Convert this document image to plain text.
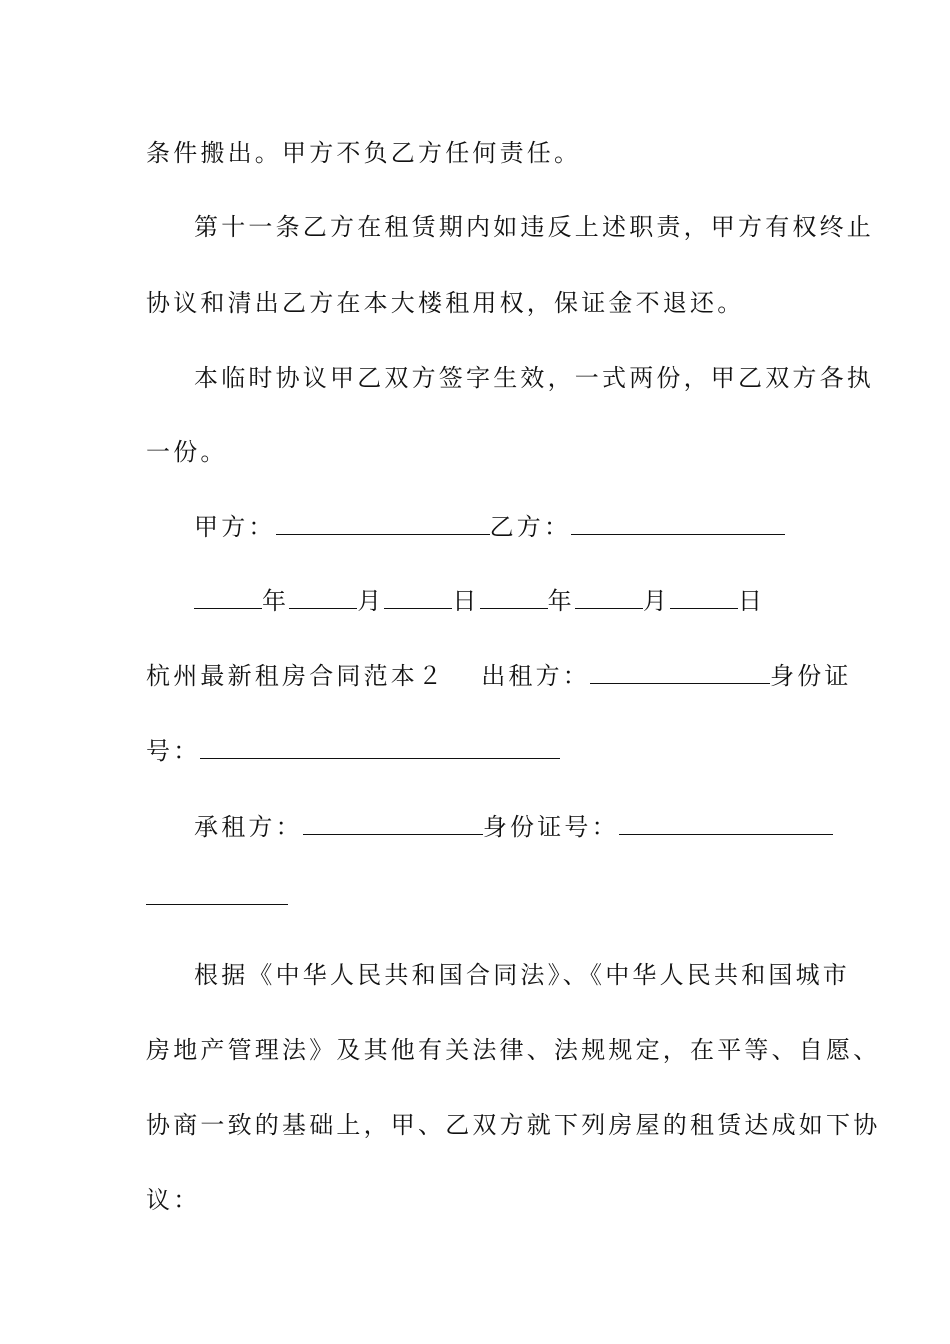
条件搬出。甲方不负乙方任何责任。
第十一条乙方在租赁期内如违反上述职责，甲方有权终止
协议和清出乙方在本大楼租用权，保证金不退还。
本临时协议甲乙双方签字生效，一式两份，甲乙双方各执
一份。
甲方：	乙方：
年	月	日	年	月	日
杭州最新租房合同范本２ 出租方：	身份证
号：
承租方：	身份证号：
根据《中华人民共和国合同法》、《中华人民共和国城市
房地产管理法》及其他有关法律、法规规定，在平等、自愿、
协商一致的基础上，甲、乙双方就下列房屋的租赁达成如下协
议：
